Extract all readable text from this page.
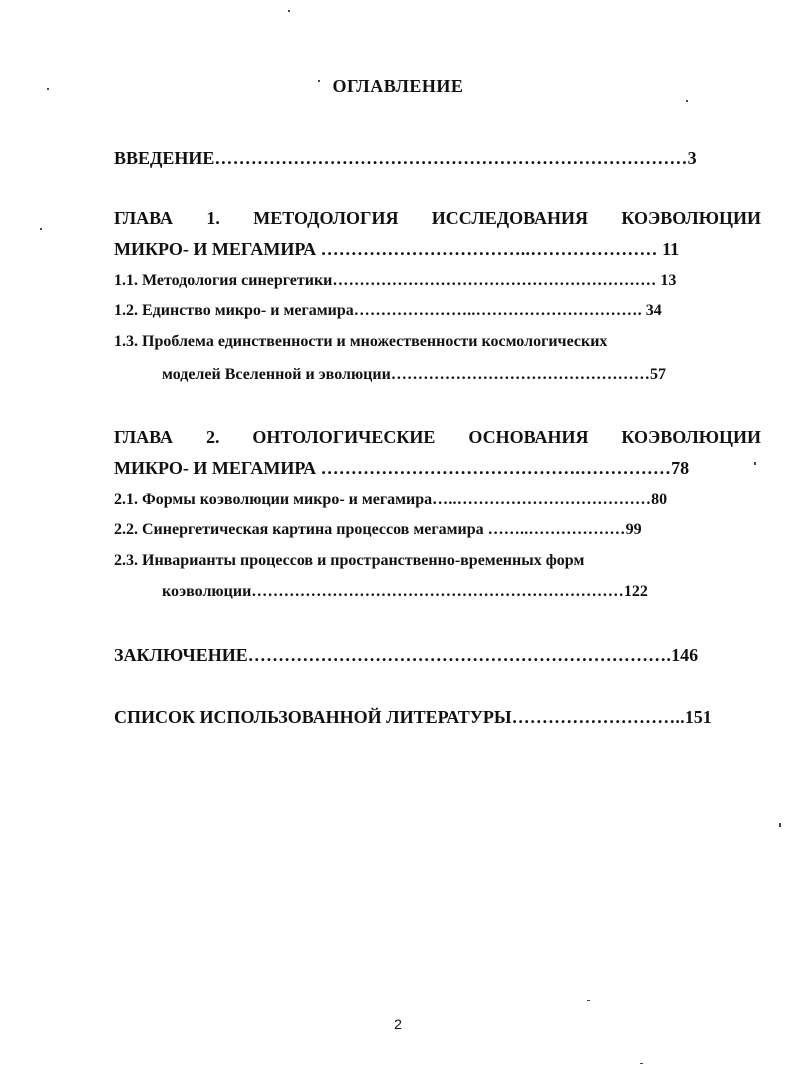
ОГЛАВЛЕНИЕ
ВВЕДЕНИЕ……………………………………………………………………3
ГЛАВА 1. МЕТОДОЛОГИЯ ИССЛЕДОВАНИЯ КОЭВОЛЮЦИИ
МИКРО- И МЕГАМИРА ……………………………..………………… 11
1.1. Методология синергетики…………………………………………………… 13
1.2. Единство микро- и мегамира…………………..…………………………. 34
1.3. Проблема единственности и множественности космологических
моделей Вселенной и эволюции…………………………………………57
ГЛАВА 2. ОНТОЛОГИЧЕСКИЕ ОСНОВАНИЯ КОЭВОЛЮЦИИ
МИКРО- И МЕГАМИРА …………………………………….……………78
2.1. Формы коэволюции микро- и мегамира…..………………………………80
2.2. Синергетическая картина процессов мегамира ……..………………99
2.3. Инварианты процессов и пространственно-временных форм
коэволюции……………………………………………………………122
ЗАКЛЮЧЕНИЕ…………………………………………………………….146
СПИСОК ИСПОЛЬЗОВАННОЙ ЛИТЕРАТУРЫ………………………..151
2
